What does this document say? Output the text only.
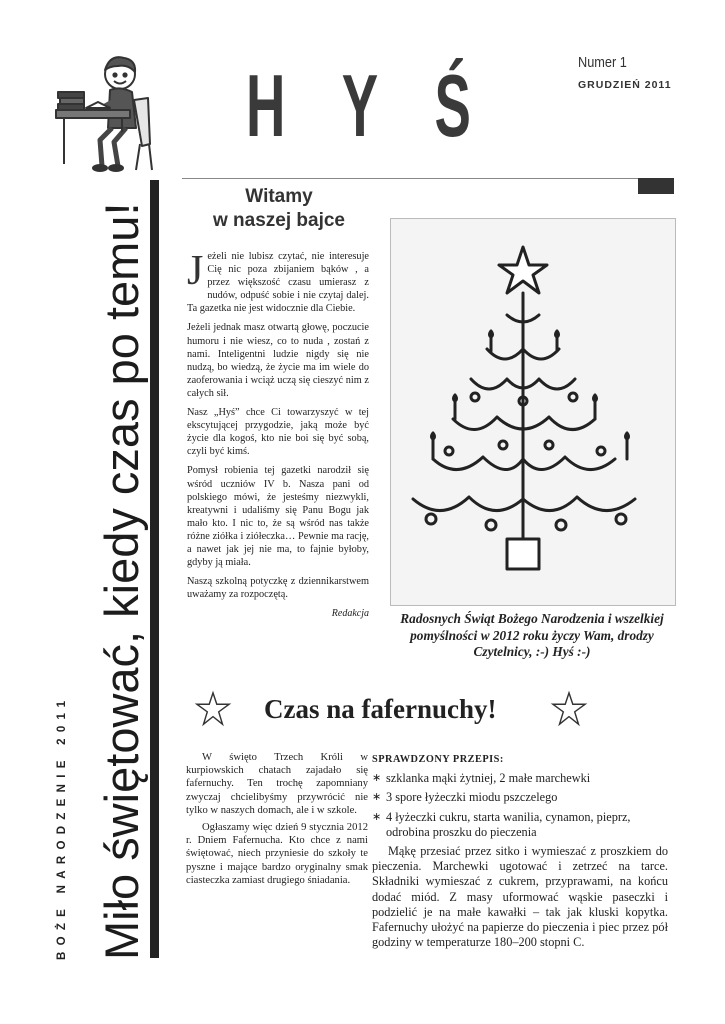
H Y Ś	Numer 1
GRUDZIEŃ 2011
Miło świętować, kiedy czas po temu!
BOŻE NARODZENIE 2011
Witamy
w naszej bajce

Jeżeli nie lubisz czytać, nie interesuje Cię nic poza zbijaniem bąków , a przez większość czasu umierasz z nudów, odpuść sobie i nie czytaj dalej. Ta gazetka nie jest widocznie dla Ciebie.

Jeżeli jednak masz otwartą głowę, poczucie humoru i nie wiesz, co to nuda , zostań z nami. Inteligentni ludzie nigdy się nie nudzą, bo wiedzą, że życie ma im wiele do zaoferowania i wciąż uczą się cieszyć nim z całych sił.

Nasz „Hyś” chce Ci towarzyszyć w tej ekscytującej przygodzie, jaką może być życie dla kogoś, kto nie boi się być sobą, czyli być kimś.

Pomysł robienia tej gazetki narodził się wśród uczniów IV b. Nasza pani od polskiego mówi, że jesteśmy niezwykli, kreatywni i udaliśmy się Panu Bogu jak mało kto. I nic to, że są wśród nas także różne ziółka i ziółeczka… Pewnie ma rację, a nawet jak jej nie ma, to fajnie byłoby, gdyby ją miała.

Naszą szkolną potyczkę z dziennikarstwem uważamy za rozpoczętą.

Redakcja	Radosnych Świąt Bożego Narodzenia i wszelkiej pomyślności w 2012 roku życzy Wam, drodzy Czytelnicy, :-) Hyś :-)
Czas na fafernuchy!

W święto Trzech Króli w kurpiowskich chatach zajadało się fafernuchy. Ten trochę zapomniany zwyczaj chcielibyśmy przywrócić nie tylko w naszych domach, ale i w szkole.

Ogłaszamy więc dzień 9 stycznia 2012 r. Dniem Fafernucha. Kto chce z nami świętować, niech przyniesie do szkoły te pyszne i mające bardzo oryginalny smak ciasteczka zamiast drugiego śniadania.

SPRAWDZONY PRZEPIS:
∗ szklanka mąki żytniej, 2 małe marchewki
∗ 3 spore łyżeczki miodu pszczelego
∗ 4 łyżeczki cukru, starta wanilia, cynamon, pieprz, odrobina proszku do pieczenia
Mąkę przesiać przez sitko i wymieszać z proszkiem do pieczenia. Marchewki ugotować i zetrzeć na tarce. Składniki wymieszać z cukrem, przyprawami, na końcu dodać miód. Z masy uformować wąskie paseczki i podzielić je na małe kawałki – tak jak kluski kopytka. Fafernuchy ułożyć na papierze do pieczenia i piec przez pół godziny w temperaturze 180–200 stopni C.
